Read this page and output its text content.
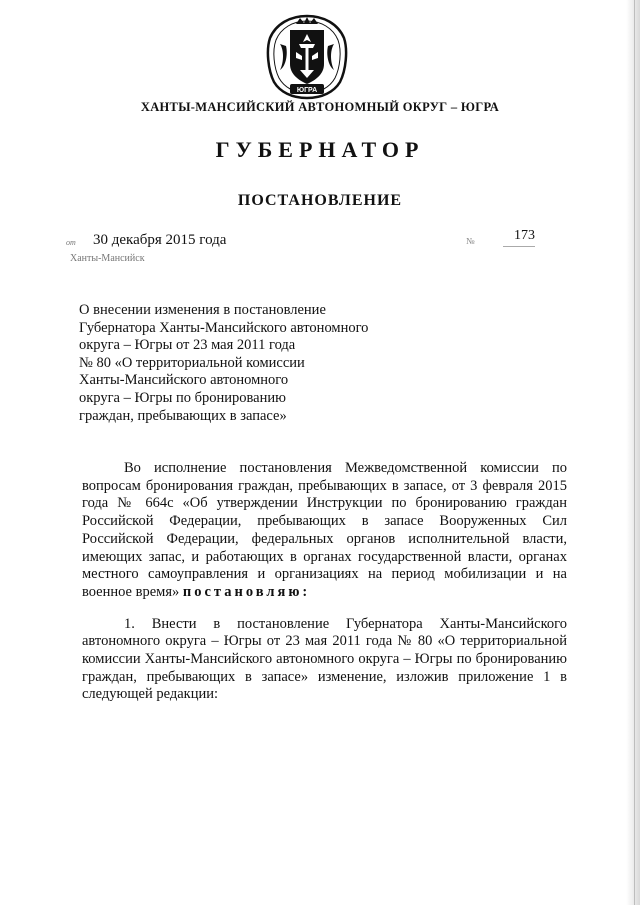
ЮГРА
ХАНТЫ-МАНСИЙСКИЙ АВТОНОМНЫЙ ОКРУГ – ЮГРА
ГУБЕРНАТОР
ПОСТАНОВЛЕНИЕ
от 30 декабря 2015 года	№	173
Ханты-Мансийск
О внесении изменения в постановление
Губернатора Ханты-Мансийского автономного
округа – Югры от 23 мая 2011 года
№ 80 «О территориальной комиссии
Ханты-Мансийского автономного
округа – Югры по бронированию
граждан, пребывающих в запасе»

Во исполнение постановления Межведомственной комиссии по вопросам бронирования граждан, пребывающих в запасе, от 3 февраля 2015 года № 664с «Об утверждении Инструкции по бронированию граждан Российской Федерации, пребывающих в запасе Вооруженных Сил Российской Федерации, федеральных органов исполнительной власти, имеющих запас, и работающих в органах государственной власти, органах местного самоуправления и организациях на период мобилизации и на военное время» постановляю:

1. Внести в постановление Губернатора Ханты-Мансийского автономного округа – Югры от 23 мая 2011 года № 80 «О территориальной комиссии Ханты-Мансийского автономного округа – Югры по бронированию граждан, пребывающих в запасе» изменение, изложив приложение 1 в следующей редакции:
